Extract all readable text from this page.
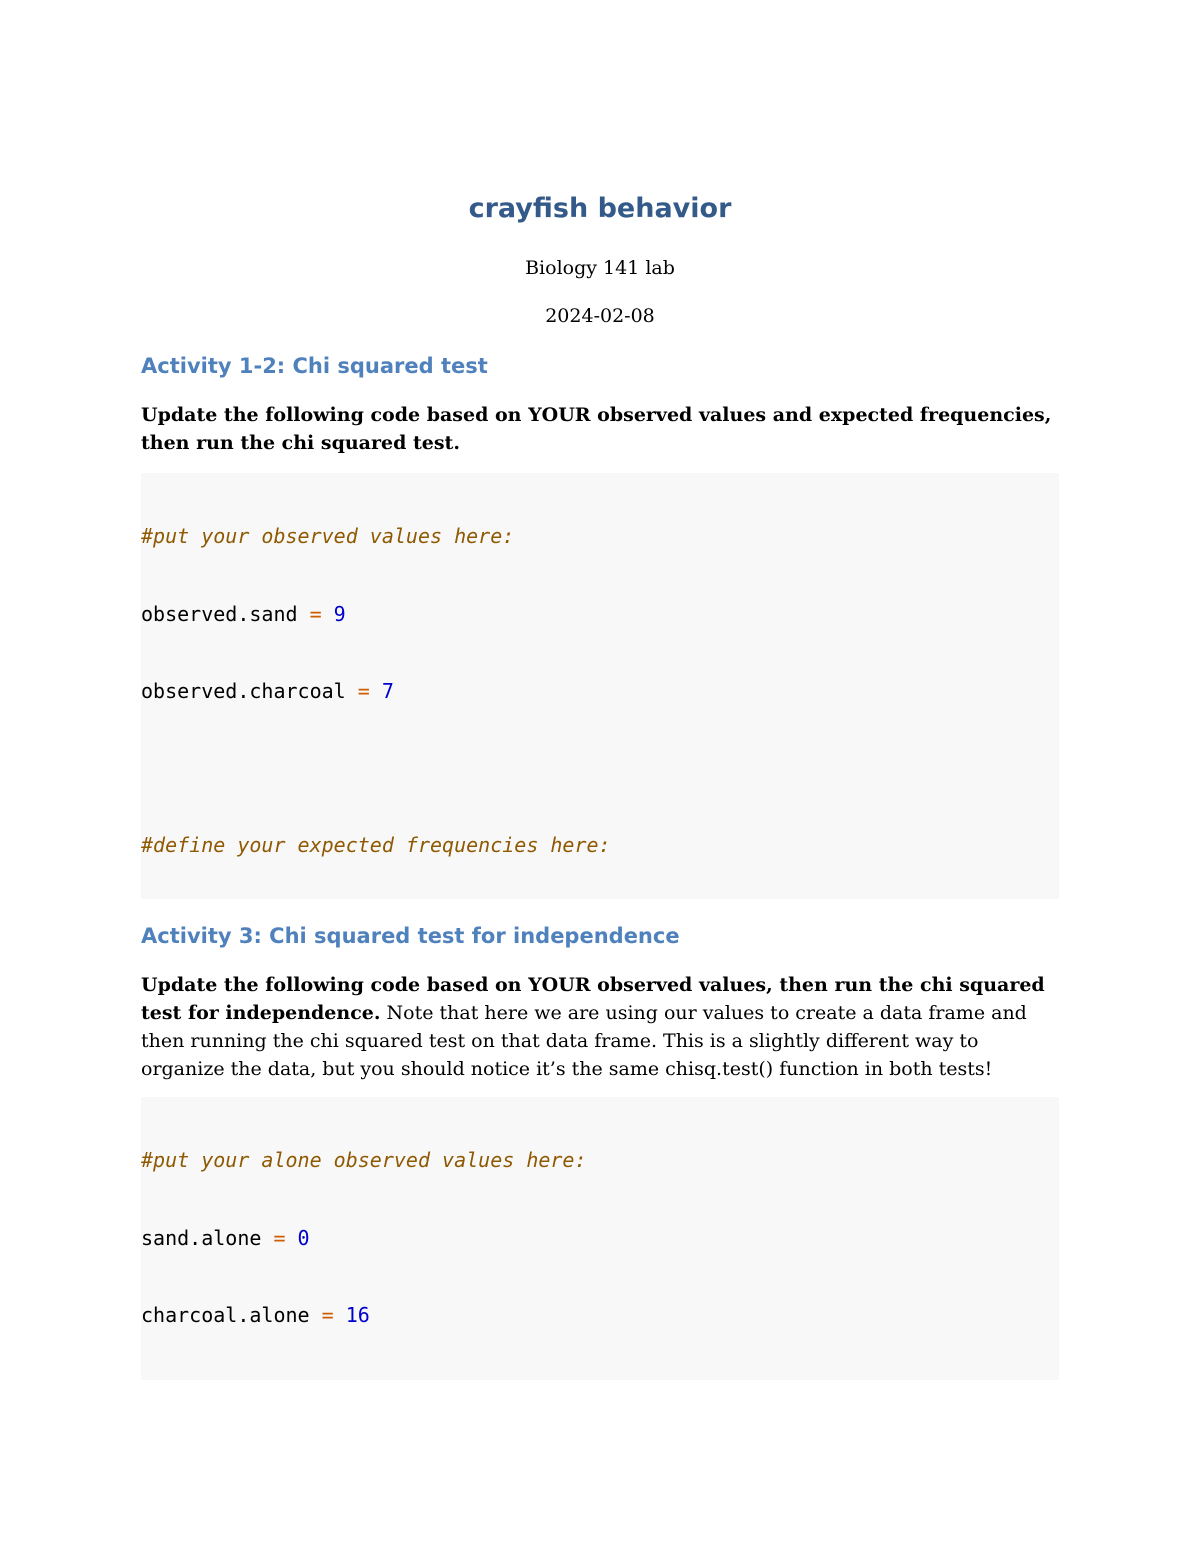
crayfish behavior

Biology 141 lab

2024-02-08

Activity 1-2: Chi squared test

Update the following code based on YOUR observed values and expected frequencies, then run the chi squared test.

#put your observed values here:

observed.sand = 9

observed.charcoal = 7

#define your expected frequencies here:

Activity 3: Chi squared test for independence

Update the following code based on YOUR observed values, then run the chi squared test for independence. Note that here we are using our values to create a data frame and then running the chi squared test on that data frame. This is a slightly different way to organize the data, but you should notice it’s the same chisq.test() function in both tests!

#put your alone observed values here:

sand.alone = 0

charcoal.alone = 16
